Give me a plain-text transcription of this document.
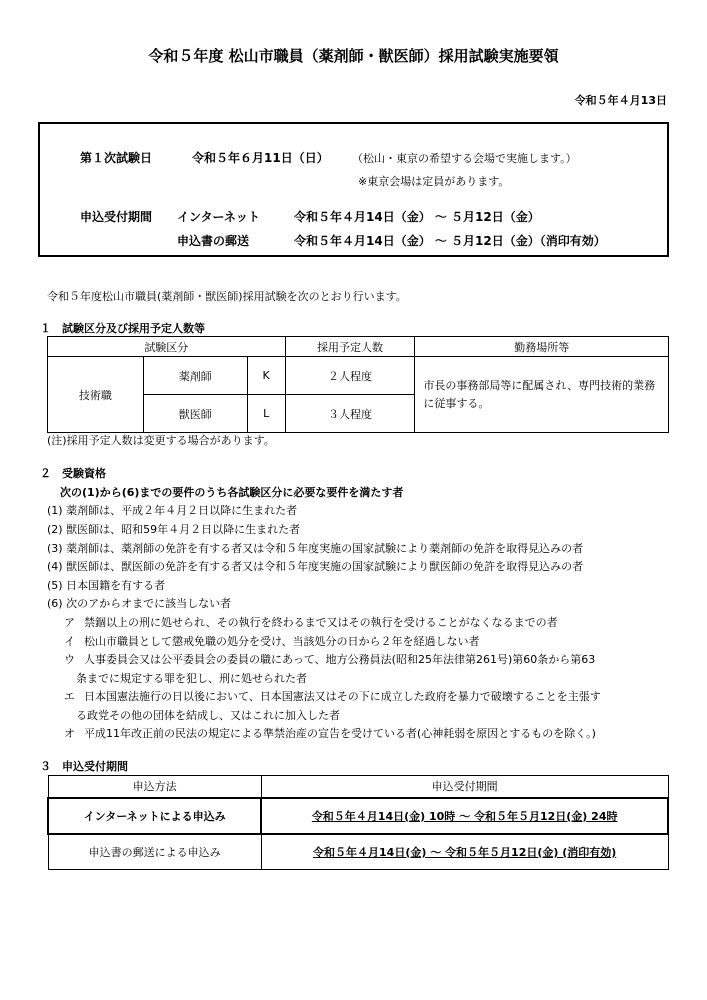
令和５年度 松山市職員（薬剤師・獣医師）採用試験実施要領
令和５年４月13日
第１次試験日	令和５年６月11日（日） （松山・東京の希望する会場で実施します。）
※東京会場は定員があります。
申込受付期間 インターネット	令和５年４月14日（金） ～ ５月12日（金）
申込書の郵送	令和５年４月14日（金） ～ ５月12日（金）（消印有効）
令和５年度松山市職員(薬剤師・獣医師)採用試験を次のとおり行います。
１　試験区分及び採用予定人数等
試験区分			採用予定人数	勤務場所等
技術職	薬剤師	K	２人程度	市長の事務部局等に配属され、専門技術的業務に従事する。
	獣医師	L	３人程度	
(注)採用予定人数は変更する場合があります。
２　受験資格
次の(1)から(6)までの要件のうち各試験区分に必要な要件を満たす者
(1) 薬剤師は、平成２年４月２日以降に生まれた者
(2) 獣医師は、昭和59年４月２日以降に生まれた者
(3) 薬剤師は、薬剤師の免許を有する者又は令和５年度実施の国家試験により薬剤師の免許を取得見込みの者
(4) 獣医師は、獣医師の免許を有する者又は令和５年度実施の国家試験により獣医師の免許を取得見込みの者
(5) 日本国籍を有する者
(6) 次のアからオまでに該当しない者
ア 禁錮以上の刑に処せられ、その執行を終わるまで又はその執行を受けることがなくなるまでの者
イ 松山市職員として懲戒免職の処分を受け、当該処分の日から２年を経過しない者
ウ 人事委員会又は公平委員会の委員の職にあって、地方公務員法(昭和25年法律第261号)第60条から第63
条までに規定する罪を犯し、刑に処せられた者
エ 日本国憲法施行の日以後において、日本国憲法又はその下に成立した政府を暴力で破壊することを主張す
る政党その他の団体を結成し、又はこれに加入した者
オ 平成11年改正前の民法の規定による準禁治産の宣告を受けている者(心神耗弱を原因とするものを除く。)
３　申込受付期間
申込方法	申込受付期間
インターネットによる申込み	令和５年４月14日(金) 10時 ～ 令和５年５月12日(金) 24時
申込書の郵送による申込み	令和５年４月14日(金) ～ 令和５年５月12日(金) (消印有効)
